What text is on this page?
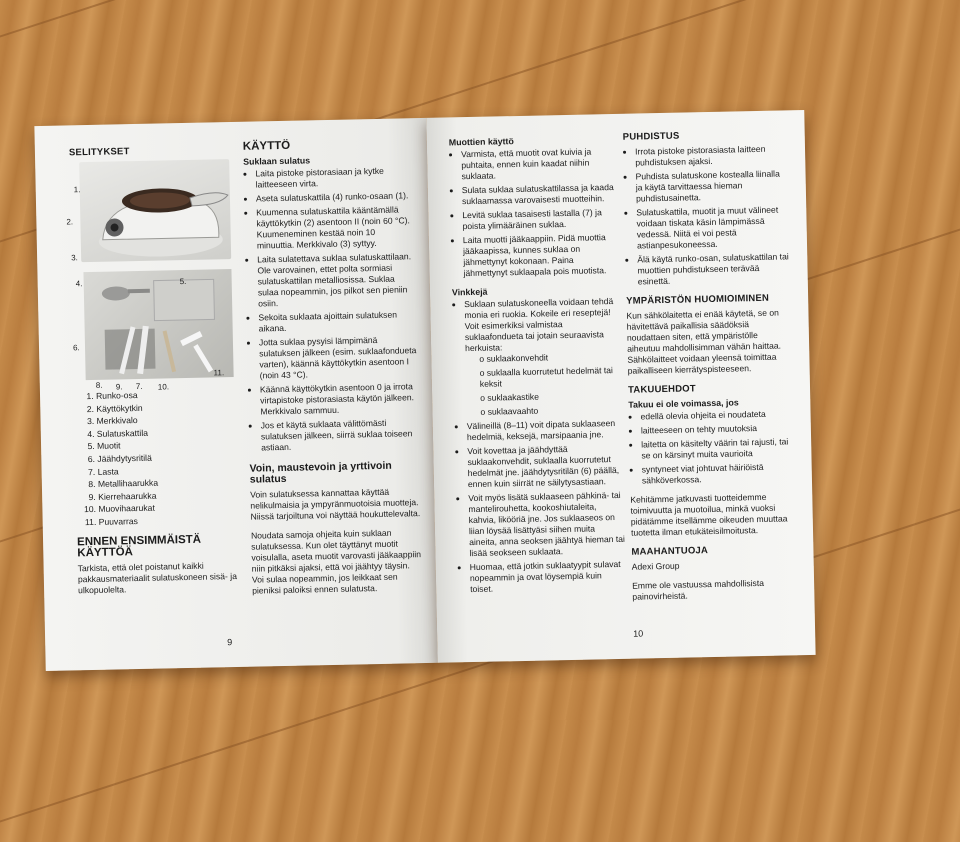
SELITYKSET
1.
2.
3.
4.	5.
6.
7.
8. 9.	10.
11.
1. Runko-osa
2. Käyttökytkin
3. Merkkivalo
4. Sulatuskattila
5. Muotit
6. Jäähdytysritilä
7. Lasta
8. Metallihaarukka
9. Kierrehaarukka
10. Muovihaarukat
11. Puuvarras
ENNEN ENSIMMÄISTÄ KÄYTTÖÄ

Tarkista, että olet poistanut kaikki pakkausmateriaalit sulatuskoneen sisä- ja ulkopuolelta.

KÄYTTÖ
Suklaan sulatus
• Laita pistoke pistorasiaan ja kytke laitteeseen virta.
• Aseta sulatuskattila (4) runko-osaan (1).
• Kuumenna sulatuskattila kääntämällä käyttökytkin (2) asentoon II (noin 60 °C). Kuumeneminen kestää noin 10 minuuttia. Merkkivalo (3) syttyy.
• Laita sulatettava suklaa sulatuskattilaan. Ole varovainen, ettet polta sormiasi sulatuskattilan metalliosissa. Suklaa sulaa nopeammin, jos pilkot sen pieniin osiin.
• Sekoita suklaata ajoittain sulatuksen aikana.
• Jotta suklaa pysyisi lämpimänä sulatuksen jälkeen (esim. suklaafondueta varten), käännä käyttökytkin asentoon I (noin 43 °C).
• Käännä käyttökytkin asentoon 0 ja irrota virtapistoke pistorasiasta käytön jälkeen. Merkkivalo sammuu.
• Jos et käytä suklaata välittömästi sulatuksen jälkeen, siirrä suklaa toiseen astiaan.
Voin, maustevoin ja yrttivoin sulatus

Voin sulatuksessa kannattaa käyttää nelikulmaisia ja ympyränmuotoisia muotteja. Niissä tarjoiltuna voi näyttää houkuttelevalta.

Noudata samoja ohjeita kuin suklaan sulatuksessa. Kun olet täyttänyt muotit voisulalla, aseta muotit varovasti jääkaappiin niin pitkäksi ajaksi, että voi jäähtyy täysin. Voi sulaa nopeammin, jos leikkaat sen pieniksi paloiksi ennen sulatusta.

9
Muottien käyttö
• Varmista, että muotit ovat kuivia ja puhtaita, ennen kuin kaadat niihin suklaata.
• Sulata suklaa sulatuskattilassa ja kaada suklaamassa varovaisesti muotteihin.
• Levitä suklaa tasaisesti lastalla (7) ja poista ylimääräinen suklaa.
• Laita muotti jääkaappiin. Pidä muottia jääkaapissa, kunnes suklaa on jähmettynyt kokonaan. Paina jähmettynyt suklaapala pois muotista.
Vinkkejä
• Suklaan sulatuskoneella voidaan tehdä monia eri ruokia. Kokeile eri reseptejä! Voit esimerkiksi valmistaa suklaafondueta tai jotain seuraavista herkuista:
o suklaakonvehdit
o suklaalla kuorrutetut hedelmät tai keksit
o suklaakastike
o suklaavaahto
• Välineillä (8–11) voit dipata suklaaseen hedelmiä, keksejä, marsipaania jne.
• Voit kovettaa ja jäähdyttää suklaakonvehdit, suklaalla kuorrutetut hedelmät jne. jäähdytysritilän (6) päällä, ennen kuin siirrät ne säilytysastiaan.
• Voit myös lisätä suklaaseen pähkinä- tai mantelirouhetta, kookoshiutaleita, kahvia, likööriä jne. Jos suklaaseos on liian löysää lisättyäsi siihen muita aineita, anna seoksen jäähtyä hieman tai lisää seokseen suklaata.
• Huomaa, että jotkin suklaatyypit sulavat nopeammin ja ovat löysempiä kuin toiset.
PUHDISTUS
• Irrota pistoke pistorasiasta laitteen puhdistuksen ajaksi.
• Puhdista sulatuskone kostealla liinalla ja käytä tarvittaessa hieman puhdistusainetta.
• Sulatuskattila, muotit ja muut välineet voidaan tiskata käsin lämpimässä vedessä. Niitä ei voi pestä astianpesukoneessa.
• Älä käytä runko-osan, sulatuskattilan tai muottien puhdistukseen terävää esinettä.
YMPÄRISTÖN HUOMIOIMINEN

Kun sähkölaitetta ei enää käytetä, se on hävitettävä paikallisia säädöksiä noudattaen siten, että ympäristölle aiheutuu mahdollisimman vähän haittaa. Sähkölaitteet voidaan yleensä toimittaa paikalliseen kierrätyspisteeseen.

TAKUUEHDOT
Takuu ei ole voimassa, jos
• edellä olevia ohjeita ei noudateta
• laitteeseen on tehty muutoksia
• laitetta on käsitelty väärin tai rajusti, tai se on kärsinyt muita vaurioita
• syntyneet viat johtuvat häiriöistä sähköverkossa.

Kehitämme jatkuvasti tuotteidemme toimivuutta ja muotoilua, minkä vuoksi pidätämme itsellämme oikeuden muuttaa tuotetta ilman etukäteisilmoitusta.

MAAHANTUOJA

Adexi Group

Emme ole vastuussa mahdollisista painovirheistä.

10
